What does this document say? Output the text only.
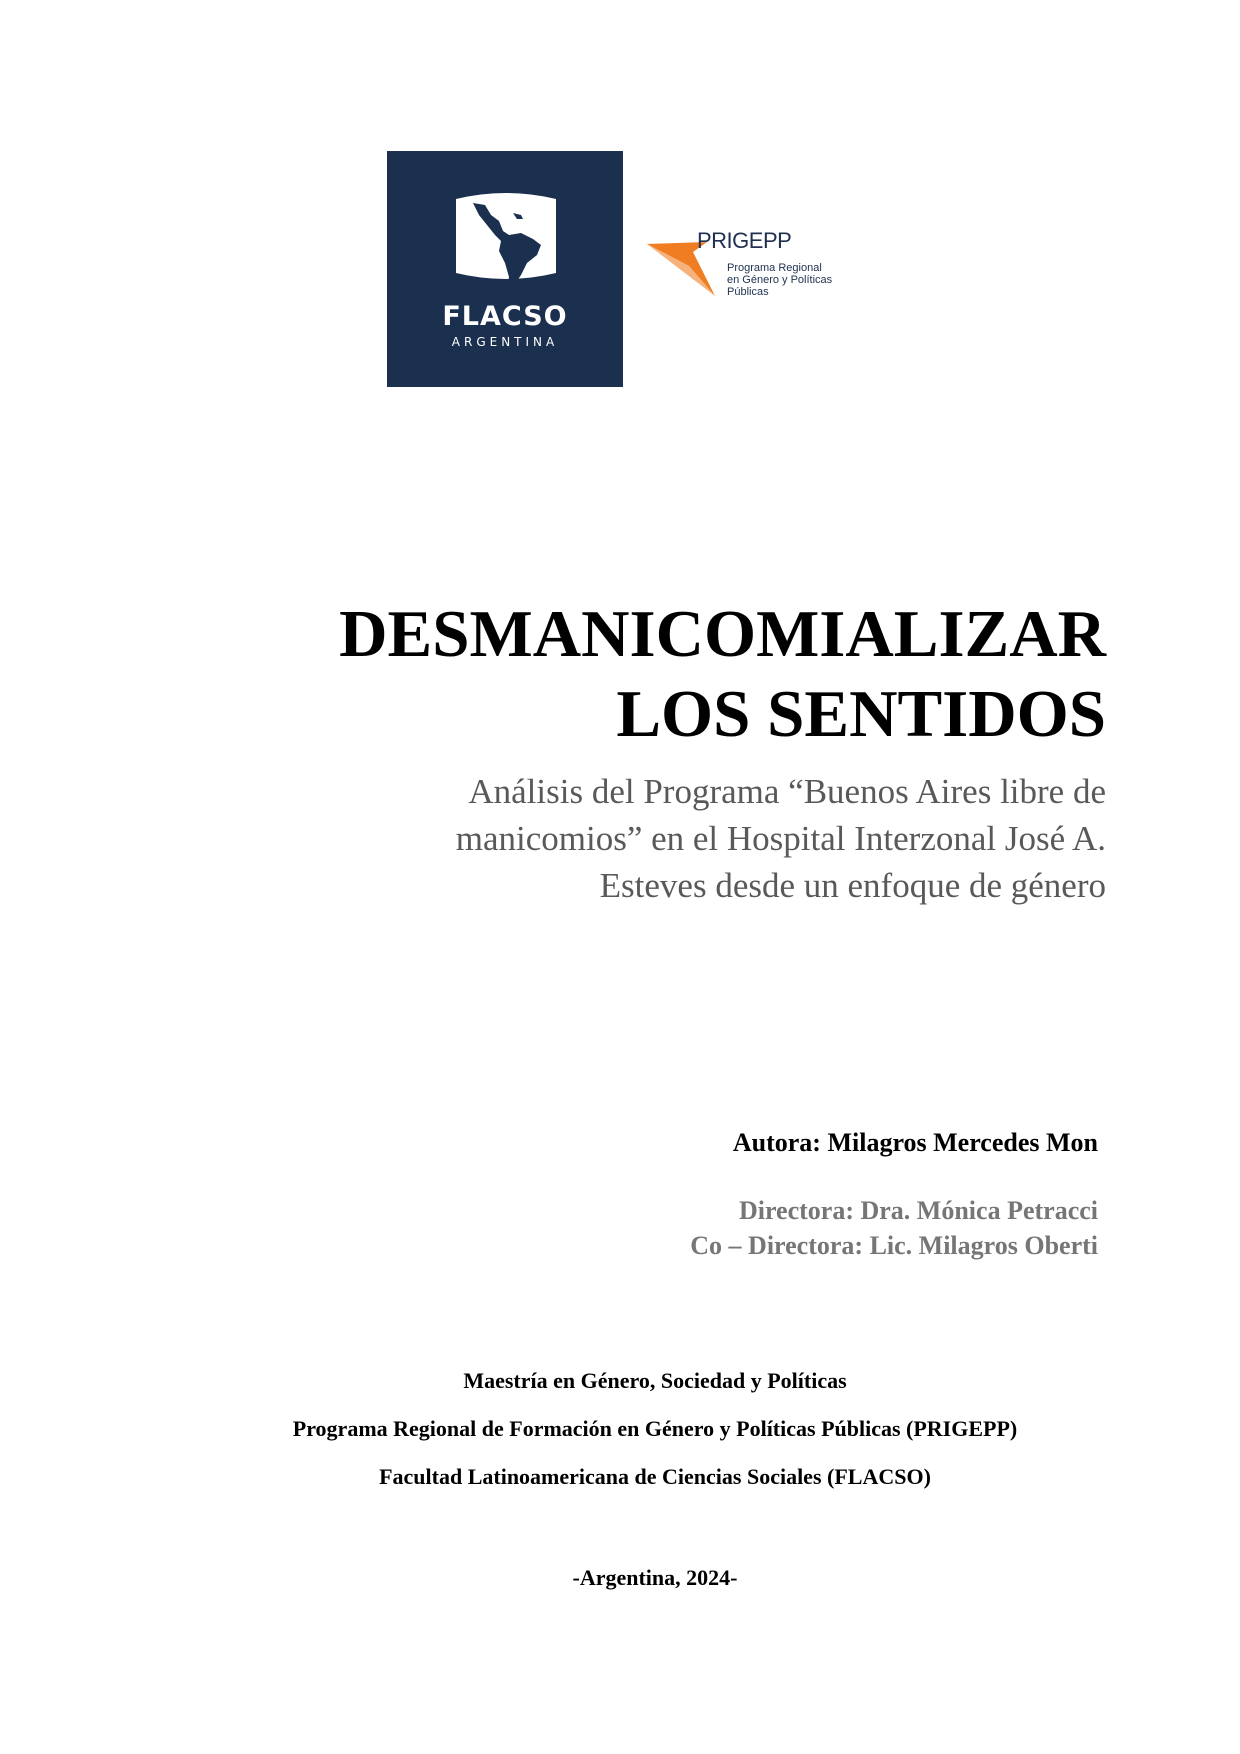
FLACSO
ARGENTINA
PRIGEPP
Programa Regional
en Género y Políticas
Públicas
DESMANICOMIALIZAR
LOS SENTIDOS
Análisis del Programa “Buenos Aires libre de
manicomios” en el Hospital Interzonal José A.
Esteves desde un enfoque de género
Autora: Milagros Mercedes Mon
Directora: Dra. Mónica Petracci
Co – Directora: Lic. Milagros Oberti
Maestría en Género, Sociedad y Políticas
Programa Regional de Formación en Género y Políticas Públicas (PRIGEPP)
Facultad Latinoamericana de Ciencias Sociales (FLACSO)
-Argentina, 2024-
